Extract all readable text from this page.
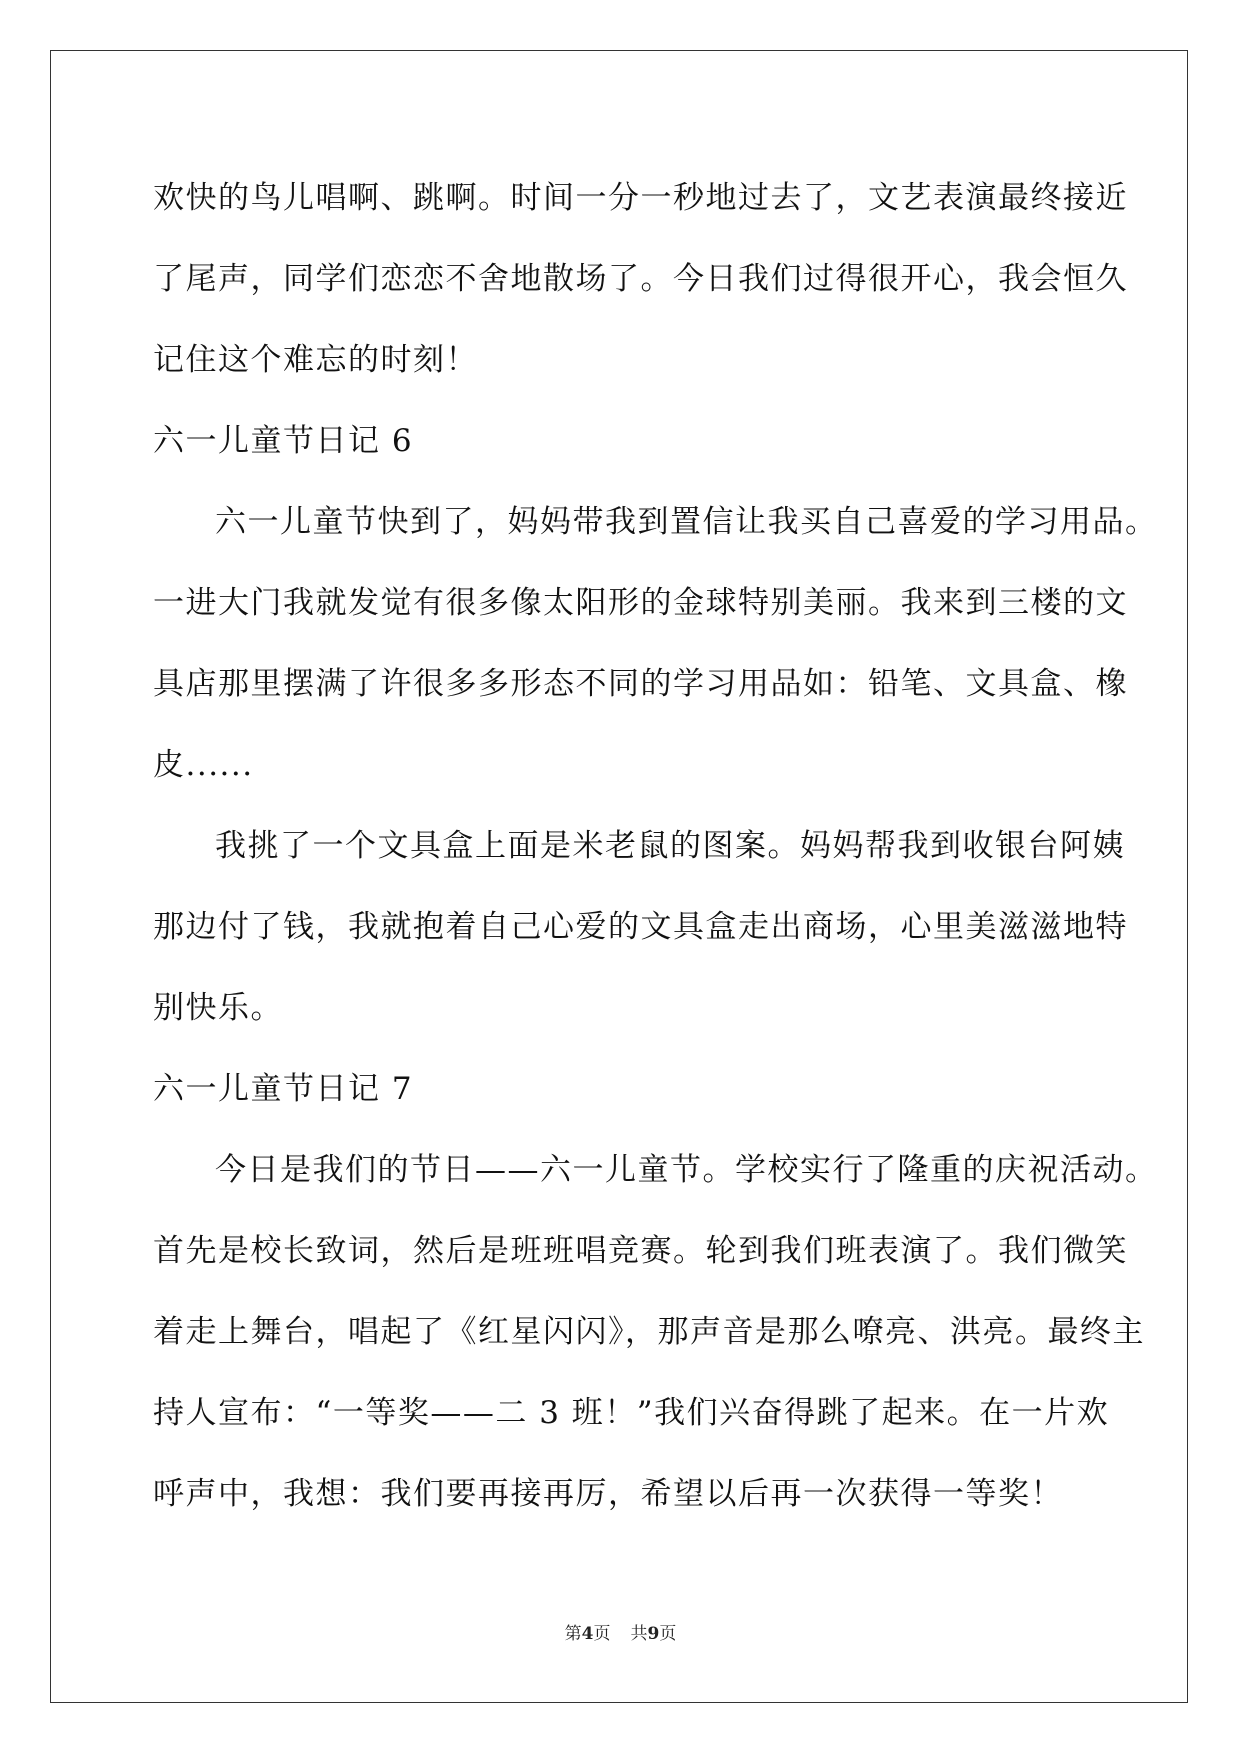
欢快的鸟儿唱啊、跳啊。时间一分一秒地过去了，文艺表演最终接近
了尾声，同学们恋恋不舍地散场了。今日我们过得很开心，我会恒久
记住这个难忘的时刻！
六一儿童节日记 6
六一儿童节快到了，妈妈带我到置信让我买自己喜爱的学习用品。
一进大门我就发觉有很多像太阳形的金球特别美丽。我来到三楼的文
具店那里摆满了许很多多形态不同的学习用品如：铅笔、文具盒、橡
皮......
我挑了一个文具盒上面是米老鼠的图案。妈妈帮我到收银台阿姨
那边付了钱，我就抱着自己心爱的文具盒走出商场，心里美滋滋地特
别快乐。
六一儿童节日记 7
今日是我们的节日——六一儿童节。学校实行了隆重的庆祝活动。
首先是校长致词，然后是班班唱竞赛。轮到我们班表演了。我们微笑
着走上舞台，唱起了《红星闪闪》，那声音是那么嘹亮、洪亮。最终主
持人宣布：“一等奖——二 3 班！”我们兴奋得跳了起来。在一片欢
呼声中，我想：我们要再接再厉，希望以后再一次获得一等奖！
第4页 共9页
